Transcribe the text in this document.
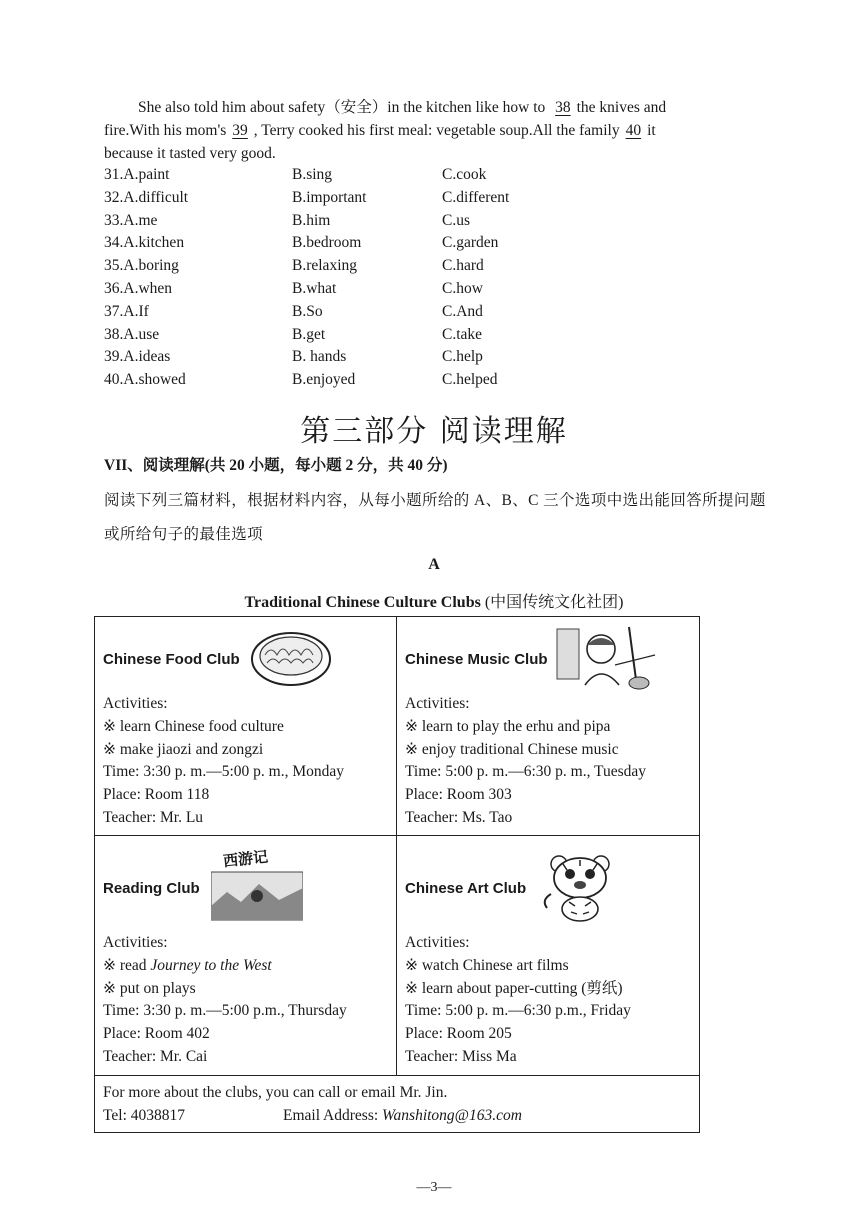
She also told him about safety（安全）in the kitchen like how to 38 the knives and
fire.With his mom's 39 , Terry cooked his first meal: vegetable soup.All the family 40 it
because it tasted very good.
31.A.paint	B.sing	C.cook
32.A.difficult	B.important	C.different
33.A.me	B.him	C.us
34.A.kitchen	B.bedroom	C.garden
35.A.boring	B.relaxing	C.hard
36.A.when	B.what	C.how
37.A.If	B.So	C.And
38.A.use	B.get	C.take
39.A.ideas	B. hands	C.help
40.A.showed	B.enjoyed	C.helped
第三部分 阅读理解
VII、阅读理解(共 20 小题，每小题 2 分，共 40 分)
阅读下列三篇材料，根据材料内容，从每小题所给的 A、B、C 三个选项中选出能回答所提问题或所给句子的最佳选项
A
Traditional Chinese Culture Clubs (中国传统文化社团)
Chinese Food Club
Activities:
※ learn Chinese food culture
※ make jiaozi and zongzi
Time: 3:30 p. m.—5:00 p. m., Monday
Place: Room 118
Teacher: Mr. Lu
Chinese Music Club
Activities:
※ learn to play the erhu and pipa
※ enjoy traditional Chinese music
Time: 5:00 p. m.—6:30 p. m., Tuesday
Place: Room 303
Teacher: Ms. Tao
Reading Club
西游记
Activities:
※ read Journey to the West
※ put on plays
Time: 3:30 p. m.—5:00 p.m., Thursday
Place: Room 402
Teacher: Mr. Cai
Chinese Art Club
Activities:
※ watch Chinese art films
※ learn about paper-cutting (剪纸)
Time: 5:00 p. m.—6:30 p.m., Friday
Place: Room 205
Teacher: Miss Ma
For more about the clubs, you can call or email Mr. Jin.
Tel: 4038817	Email Address: Wanshitong@163.com
—3—
